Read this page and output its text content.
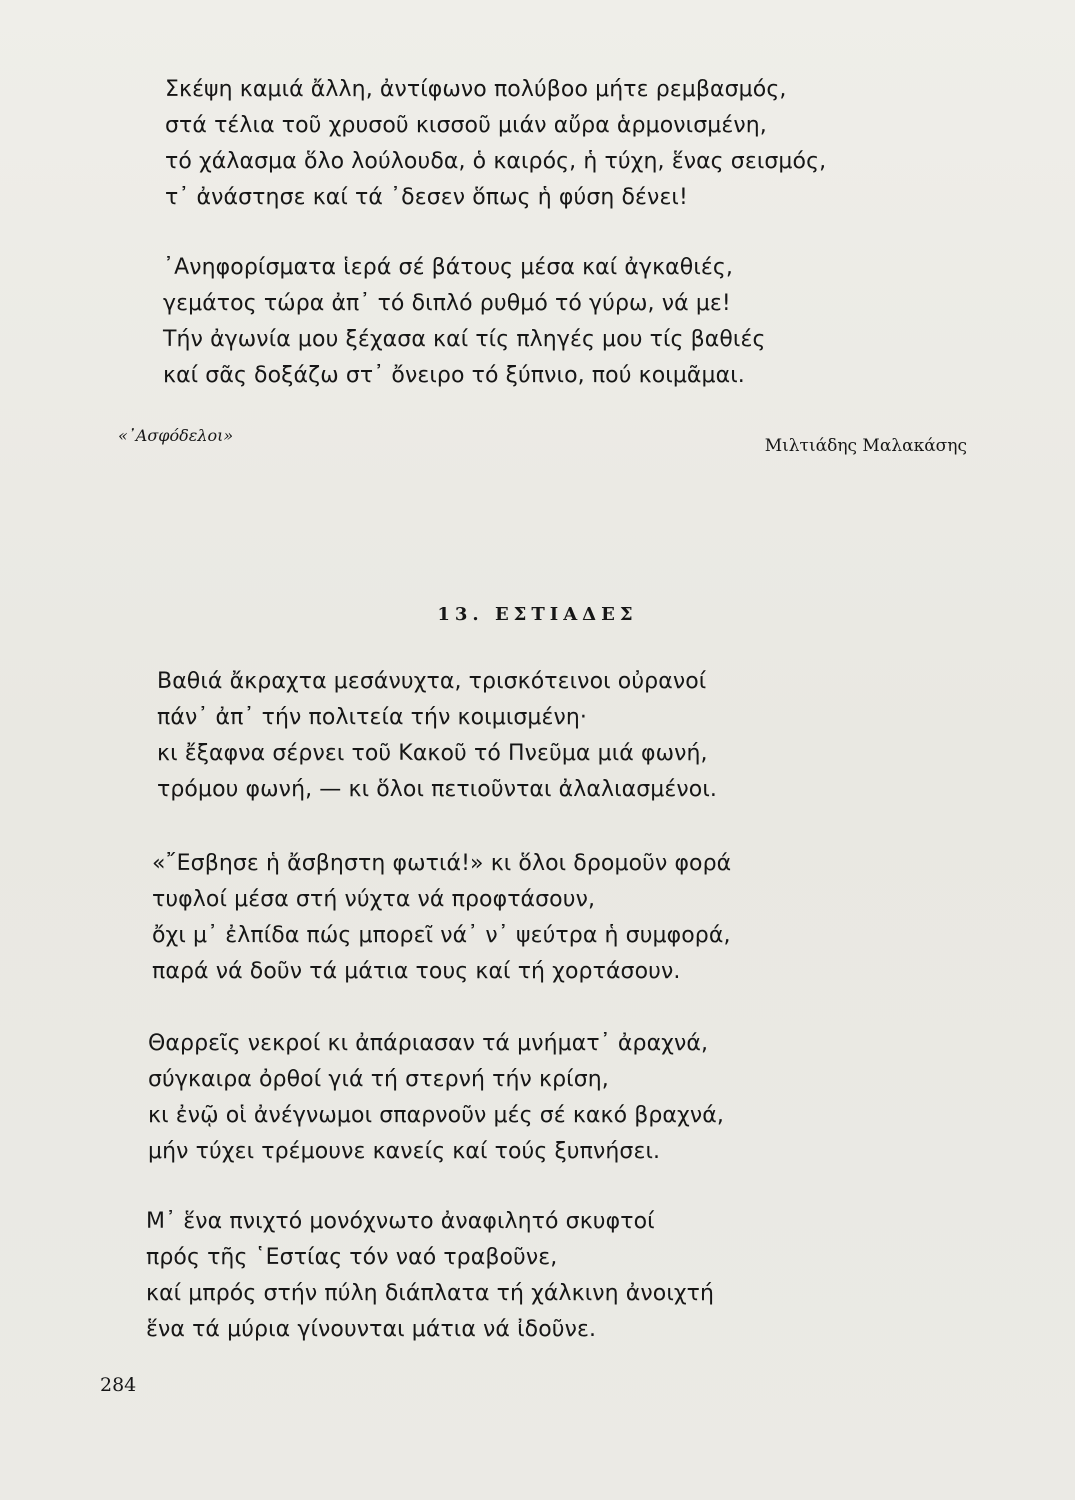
Σκέψη καμιά ἄλλη, ἀντίφωνο πολύβοο μήτε ρεμβασμός,
στά τέλια τοῦ χρυσοῦ κισσοῦ μιάν αὔρα ἁρμονισμένη,
τό χάλασμα ὅλο λούλουδα, ὁ καιρός, ἡ τύχη, ἕνας σεισμός,
τ᾽ ἀνάστησε καί τά ᾽δεσεν ὅπως ἡ φύση δένει!
᾽Ανηφορίσματα ἱερά σέ βάτους μέσα καί ἀγκαθιές,
γεμάτος τώρα ἀπ᾽ τό διπλό ρυθμό τό γύρω, νά με!
Τήν ἀγωνία μου ξέχασα καί τίς πληγές μου τίς βαθιές
καί σᾶς δοξάζω στ᾽ ὄνειρο τό ξύπνιο, πού κοιμᾶμαι.
«᾽Ασφόδελοι»
Μιλτιάδης Μαλακάσης
13. ΕΣΤΙΑΔΕΣ
Βαθιά ἄκραχτα μεσάνυχτα, τρισκότεινοι οὐρανοί
πάν᾽ ἀπ᾽ τήν πολιτεία τήν κοιμισμένη·
κι ἔξαφνα σέρνει τοῦ Κακοῦ τό Πνεῦμα μιά φωνή,
τρόμου φωνή, — κι ὅλοι πετιοῦνται ἀλαλιασμένοι.
«῎Εσβησε ἡ ἄσβηστη φωτιά!» κι ὅλοι δρομοῦν φορά
τυφλοί μέσα στή νύχτα νά προφτάσουν,
ὄχι μ᾽ ἐλπίδα πώς μπορεῖ νά᾽ ν᾽ ψεύτρα ἡ συμφορά,
παρά νά δοῦν τά μάτια τους καί τή χορτάσουν.
Θαρρεῖς νεκροί κι ἀπάριασαν τά μνήματ᾽ ἀραχνά,
σύγκαιρα ὀρθοί γιά τή στερνή τήν κρίση,
κι ἐνῷ οἱ ἀνέγνωμοι σπαρνοῦν μές σέ κακό βραχνά,
μήν τύχει τρέμουνε κανείς καί τούς ξυπνήσει.
Μ᾽ ἕνα πνιχτό μονόχνωτο ἀναφιλητό σκυφτοί
πρός τῆς ῾Εστίας τόν ναό τραβοῦνε,
καί μπρός στήν πύλη διάπλατα τή χάλκινη ἀνοιχτή
ἕνα τά μύρια γίνουνται μάτια νά ἰδοῦνε.
284
